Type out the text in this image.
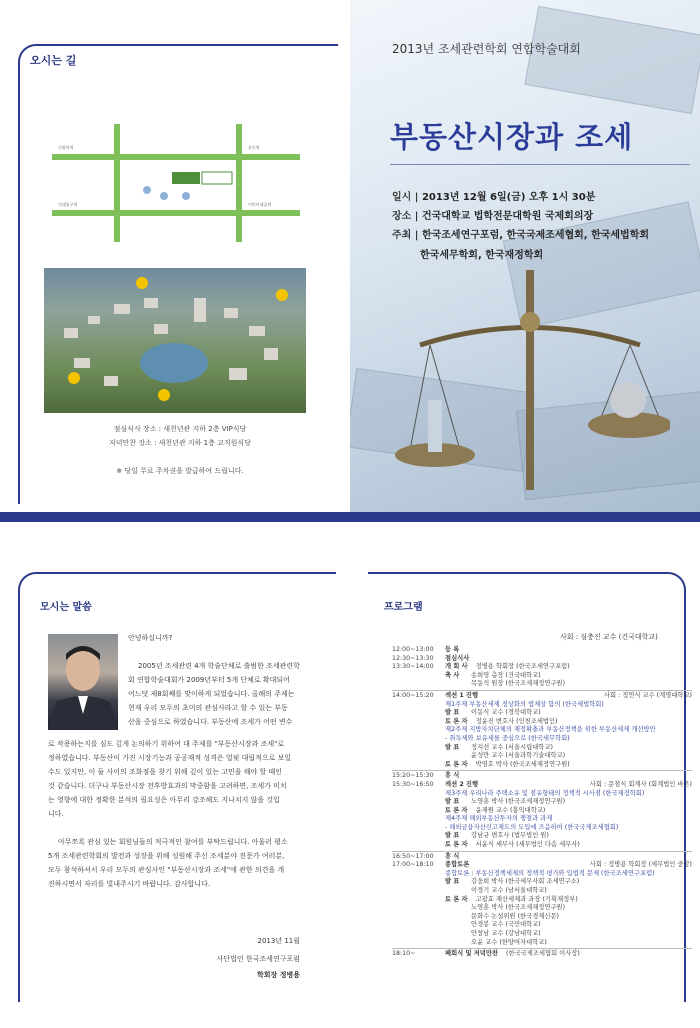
오시는 길
신양치역
건대입구역
운동역
어린이대공원
점심식사 장소 : 새천년관 지하 2층 VIP식당
저녁만찬 장소 : 새천년관 지하 1층 교직원식당
※ 당일 무료 주차권을 발급하여 드립니다.
2013년 조세관련학회 연합학술대회
부동산시장과 조세
일시 | 2013년 12월 6일(금) 오후 1시 30분
장소 | 건국대학교 법학전문대학원 국제회의장
주최 | 한국조세연구포럼, 한국국제조세협회, 한국세법학회
한국세무학회, 한국재정학회
모시는 말씀
안녕하십니까?
2005년 조세관련 4개 학술단체로 출범한 조세관련학
회 연합학술대회가 2009년부터 5개 단체로 확대되어
어느덧 제8회째를 맞이하게 되었습니다. 올해의 주제는
현재 우리 모두의 초미의 관심사라고 할 수 있는 부동
산을 중심으로 하였습니다. 부동산에 조세가 어떤 변수
로 작용하는지를 심도 깊게 논의하기 위하여 대 주제를 "부동산시장과 조세"로
정하였습니다. 부동산이 가진 시장기능과 공공재적 성격은 얼핏 대립적으로 보일
수도 있지만, 이 둘 사이의 조화점을 찾기 위해 깊이 있는 고민을 해야 할 때인
것 같습니다. 더구나 부동산시장 전후방효과의 막중함을 고려하면, 조세가 미치
는 영향에 대한 정확한 분석의 필요성은 아무리 강조해도 지나치지 않을 것입
니다.
아무쪼록 관심 있는 회원님들의 적극적인 참여를 부탁드립니다. 아울러 평소
5개 조세관련학회의 발전과 성장을 위해 성원해 주신 조세분야 전문가 여러분,
모두 참석하셔서 우리 모두의 관심사인 "부동산시장과 조세"에 관한 의견을 개
진하시면서 자리를 빛내주시기 바랍니다. 감사합니다.
2013년 11월
사단법인 한국조세연구포럼
학회장 정병용
프로그램
사회 : 심충진 교수 (건국대학교)
12:00~13:00	등 록
12:30~13:30	점심식사
13:30~14:00	개 회 사 정병용 학회장 (한국조세연구포럼)
축 사	송희영 총장 (건국대학교)
목동석 원장 (한국조세재정연구원)
14:00~15:20	섹션 1 진행	사회 : 정연식 교수 (계명대학교)
제1주제 부동산세제 정상화의 법제상 함의 (한국세법학회)
발 표	이동식 교수 (경북대학교)
토 론 자 정윤진 변호사 (인천조세법인)
제2주제 지방자치단체의 재정확충과 부동산정책을 위한 부동산세제 개선방안
- 취득세와 보유세를 중심으로 (한국세무학회)
발 표	정지선 교수 (서울시립대학교)
윤성만 교수 (서울과학기술대학교)
토 론 자 박영호 박사 (한국조세재정연구원)
15:20~15:30	휴 식
15:30~16:50	섹션 2 진행	사회 : 문점식 회계사 (회계법인 바른)
제3주제 우리나라 주택소유 및 점유형태의 정책적 시사점 (한국재정학회)
발 표	노영훈 박사 (한국조세재정연구원)
토 론 자 윤재원 교수 (홍익대학교)
제4주제 해외부동산투자의 쟁점과 과제
- 해외금융자산신고제도의 도입에 즈음하여 (한국국제조세협회)
발 표	강남규 변호사 (법무법인 원)
토 론 자 서윤식 세무사 (세무법인 다솜 세무사)
16:50~17:00	휴 식
17:00~18:10	종합토론	사회 : 정병용 학회장 (세무법인 중앙)
종합토론 : 부동산정책세제의 정책적 평가와 입법적 문제 (한국조세연구포럼)
발 표	김웅희 박사 (한국세무사회 조세연구소)
이경기 교수 (남서울대학교)
토 론 자 고광효 재산세제과 과장 (기획재정부)
노영훈 박사 (한국조세재정연구원)
문화수 논설위원 (한국경제신문)
안경봉 교수 (국민대학교)
안창남 교수 (강남대학교)
오윤 교수 (한양여자대학교)
18:10~	폐회식 및 저녁만찬 (한국국제조세협회 이사장)
